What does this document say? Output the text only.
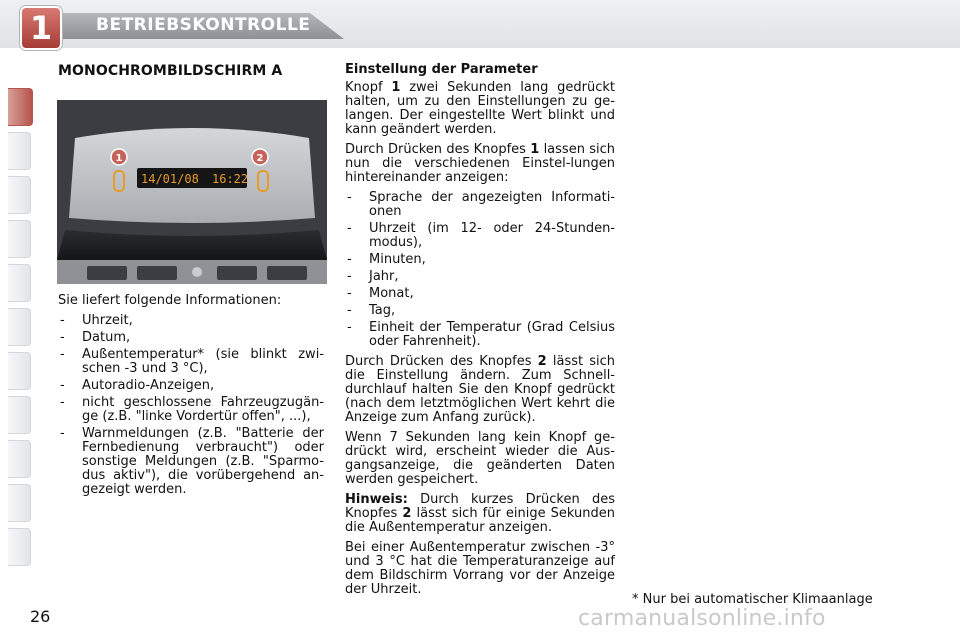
1	BETRIEBSKONTROLLE
MONOCHROMBILDSCHIRM A
14/01/08 16:22
1	2

Sie liefert folgende Informationen:

- Uhrzeit,
- Datum,
- Außentemperatur* (sie blinkt zwi-schen -3 und 3 °C),
- Autoradio-Anzeigen,
- nicht geschlossene Fahrzeugzugän-ge (z.B. "linke Vordertür offen", ...),
- Warnmeldungen (z.B. "Batterie der Fernbedienung verbraucht") oder sonstige Meldungen (z.B. "Sparmo-dus aktiv"), die vorübergehend an-gezeigt werden.

Einstellung der Parameter

Knopf 1 zwei Sekunden lang gedrückt halten, um zu den Einstellungen zu ge-langen. Der eingestellte Wert blinkt und kann geändert werden.

Durch Drücken des Knopfes 1 lassen sich nun die verschiedenen Einstel-lungen hintereinander anzeigen:

- Sprache der angezeigten Informati-onen
- Uhrzeit (im 12- oder 24-Stunden-modus),
- Minuten,
- Jahr,
- Monat,
- Tag,
- Einheit der Temperatur (Grad Celsius oder Fahrenheit).

Durch Drücken des Knopfes 2 lässt sich die Einstellung ändern. Zum Schnell-durchlauf halten Sie den Knopf gedrückt (nach dem letztmöglichen Wert kehrt die Anzeige zum Anfang zurück).

Wenn 7 Sekunden lang kein Knopf ge-drückt wird, erscheint wieder die Aus-gangsanzeige, die geänderten Daten werden gespeichert.

Hinweis: Durch kurzes Drücken des Knopfes 2 lässt sich für einige Sekunden die Außentemperatur anzeigen.

Bei einer Außentemperatur zwischen -3° und 3 °C hat die Temperaturanzeige auf dem Bildschirm Vorrang vor der Anzeige der Uhrzeit.

* Nur bei automatischer Klimaanlage
26	carmanualsonline.info
